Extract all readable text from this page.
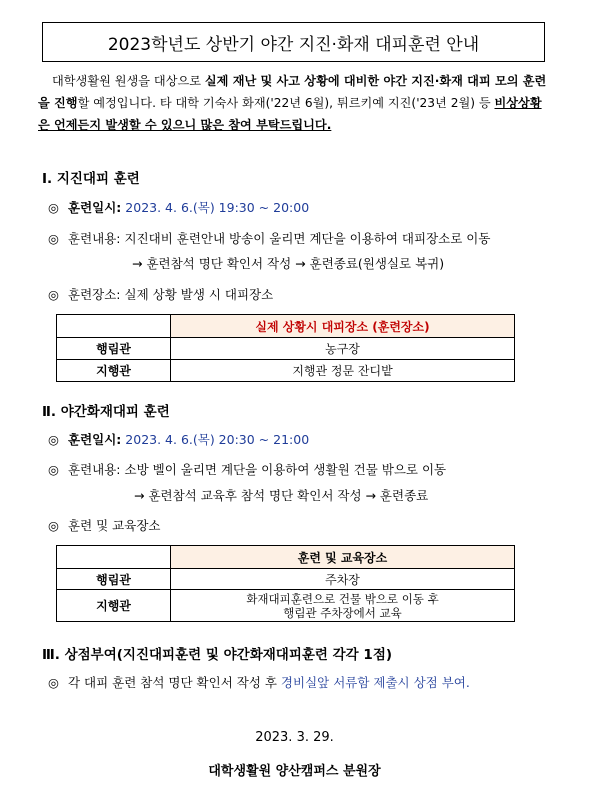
2023학년도 상반기 야간 지진·화재 대피훈련 안내

대학생활원 원생을 대상으로 실제 재난 및 사고 상황에 대비한 야간 지진·화재 대피 모의 훈련을 진행할 예정입니다. 타 대학 기숙사 화재('22년 6월), 튀르키예 지진('23년 2월) 등 비상상황은 언제든지 발생할 수 있으니 많은 참여 부탁드립니다.

Ⅰ. 지진대피 훈련
◎ 훈련일시: 2023. 4. 6.(목) 19:30 ~ 20:00
◎ 훈련내용: 지진대비 훈련안내 방송이 울리면 계단을 이용하여 대피장소로 이동
→ 훈련참석 명단 확인서 작성 → 훈련종료(원생실로 복귀)
◎ 훈련장소: 실제 상황 발생 시 대피장소
	실제 상황시 대피장소 (훈련장소)
행림관	농구장
지행관	지행관 정문 잔디밭
Ⅱ. 야간화재대피 훈련
◎ 훈련일시: 2023. 4. 6.(목) 20:30 ~ 21:00
◎ 훈련내용: 소방 벨이 울리면 계단을 이용하여 생활원 건물 밖으로 이동
→ 훈련참석 교육후 참석 명단 확인서 작성 → 훈련종료
◎ 훈련 및 교육장소
	훈련 및 교육장소
행림관	주차장
지행관	화재대피훈련으로 건물 밖으로 이동 후
행림관 주차장에서 교육
Ⅲ. 상점부여(지진대피훈련 및 야간화재대피훈련 각각 1점)
◎ 각 대피 훈련 참석 명단 확인서 작성 후 경비실앞 서류함 제출시 상점 부여.
2023. 3. 29.
대학생활원 양산캠퍼스 분원장
